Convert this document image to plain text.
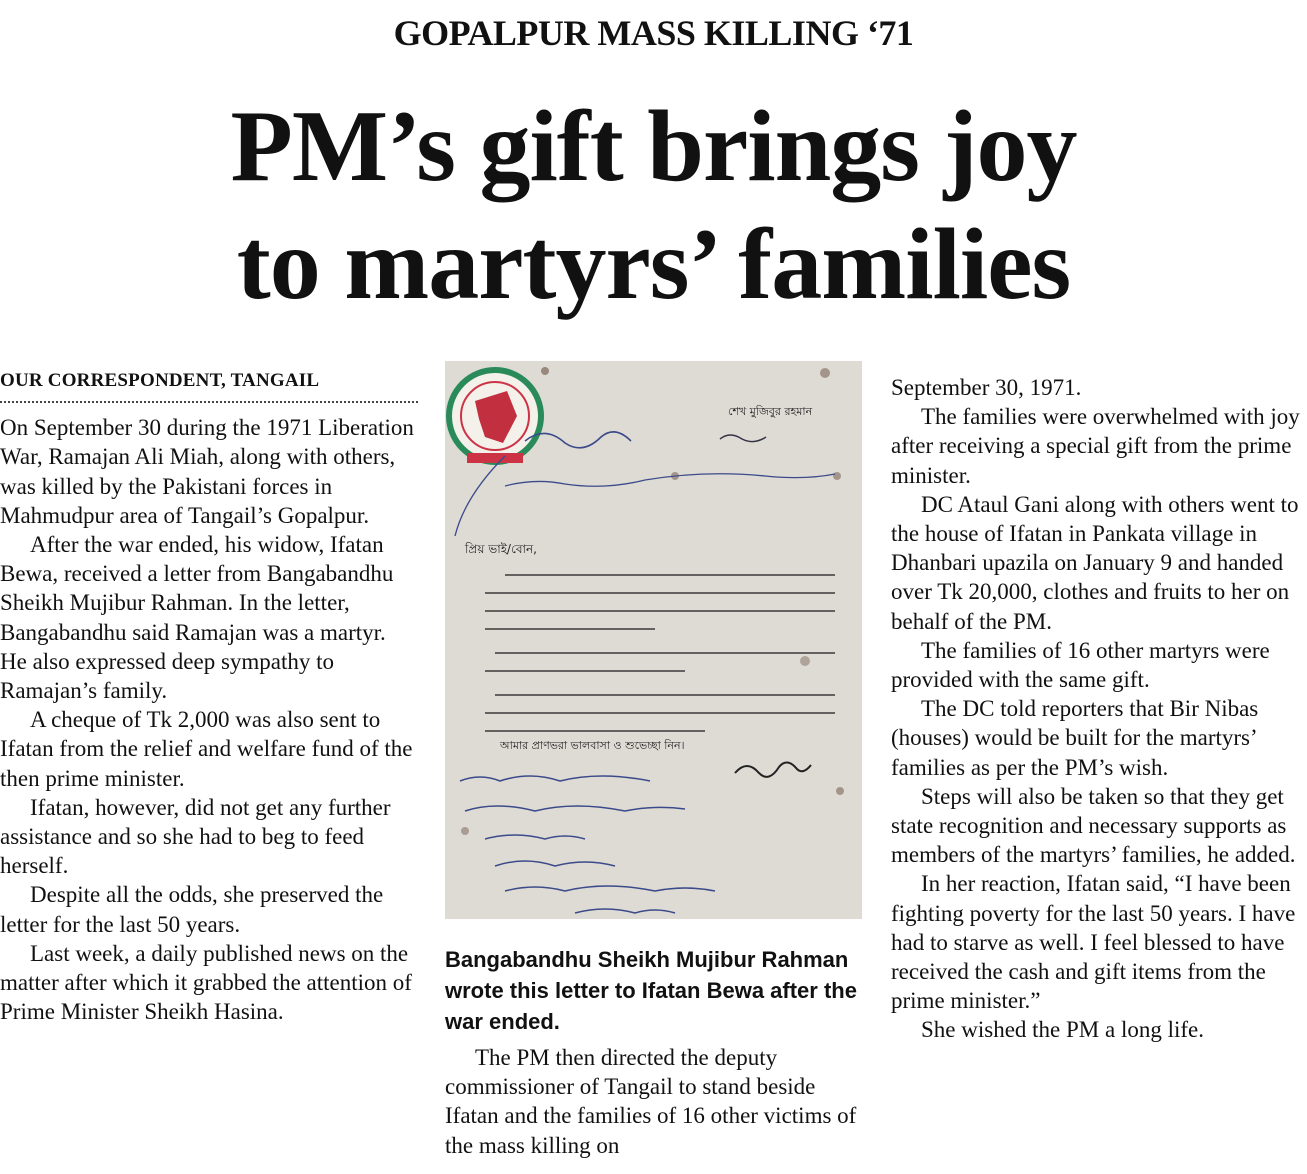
GOPALPUR MASS KILLING ‘71
PM’s gift brings joy
to martyrs’ families
OUR CORRESPONDENT, TANGAIL

On September 30 during the 1971 Liberation War, Ramajan Ali Miah, along with others, was killed by the Pakistani forces in Mahmudpur area of Tangail’s Gopalpur.

After the war ended, his widow, Ifatan Bewa, received a letter from Bangabandhu Sheikh Mujibur Rahman. In the letter, Bangabandhu said Ramajan was a martyr. He also expressed deep sympathy to Ramajan’s family.

A cheque of Tk 2,000 was also sent to Ifatan from the relief and welfare fund of the then prime minister.

Ifatan, however, did not get any further assistance and so she had to beg to feed herself.

Despite all the odds, she preserved the letter for the last 50 years.

Last week, a daily published news on the matter after which it grabbed the attention of Prime Minister Sheikh Hasina.

শেখ মুজিবুর রহমান
প্রিয় ভাই/বোন,
আমার প্রাণভরা ভালবাসা ও শুভেচ্ছা নিন।
Bangabandhu Sheikh Mujibur Rahman wrote this letter to Ifatan Bewa after the war ended.

The PM then directed the deputy commissioner of Tangail to stand beside Ifatan and the families of 16 other victims of the mass killing on

September 30, 1971.

The families were overwhelmed with joy after receiving a special gift from the prime minister.

DC Ataul Gani along with others went to the house of Ifatan in Pankata village in Dhanbari upazila on January 9 and handed over Tk 20,000, clothes and fruits to her on behalf of the PM.

The families of 16 other martyrs were provided with the same gift.

The DC told reporters that Bir Nibas (houses) would be built for the martyrs’ families as per the PM’s wish.

Steps will also be taken so that they get state recognition and necessary supports as members of the martyrs’ families, he added.

In her reaction, Ifatan said, “I have been fighting poverty for the last 50 years. I have had to starve as well. I feel blessed to have received the cash and gift items from the prime minister.”

She wished the PM a long life.
